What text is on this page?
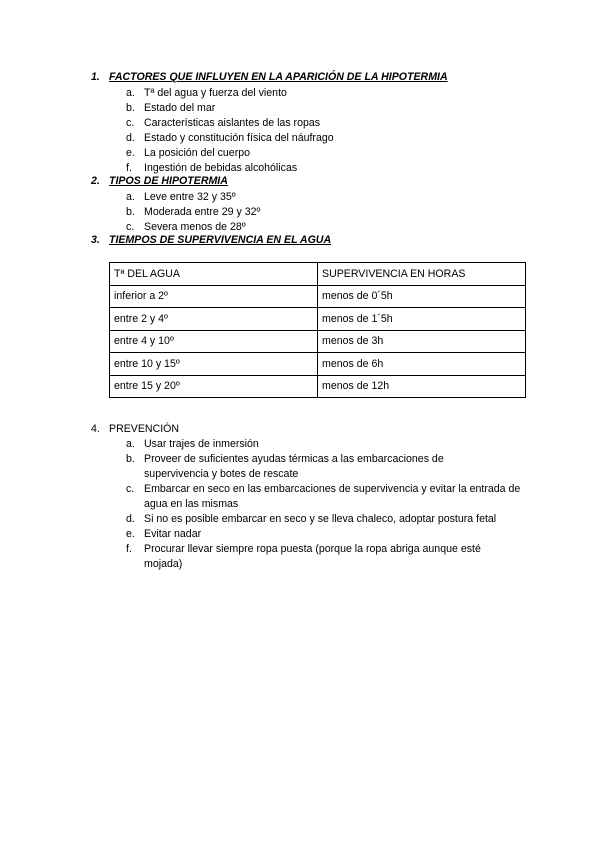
1. FACTORES QUE INFLUYEN EN LA APARICIÓN DE LA HIPOTERMIA
a. Tª del agua y fuerza del viento
b. Estado del mar
c. Características aislantes de las ropas
d. Estado y constitución física del náufrago
e. La posición del cuerpo
f. Ingestión de bebidas alcohólicas
2. TIPOS DE HIPOTERMIA
a. Leve entre 32 y 35º
b. Moderada entre 29 y 32º
c. Severa menos de 28º
3. TIEMPOS DE SUPERVIVENCIA EN EL AGUA
Tª DEL AGUA	SUPERVIVENCIA EN HORAS
inferior a 2º	menos de 0´5h
entre 2 y 4º	menos de 1´5h
entre 4 y 10º	menos de 3h
entre 10 y 15º	menos de 6h
entre 15 y 20º	menos de 12h
4. PREVENCIÓN
a. Usar trajes de inmersión
b. Proveer de suficientes ayudas térmicas a las embarcaciones de supervivencia y botes de rescate
c. Embarcar en seco en las embarcaciones de supervivencia y evitar la entrada de agua en las mismas
d. Si no es posible embarcar en seco y se lleva chaleco, adoptar postura fetal
e. Evitar nadar
f. Procurar llevar siempre ropa puesta (porque la ropa abriga aunque esté mojada)
